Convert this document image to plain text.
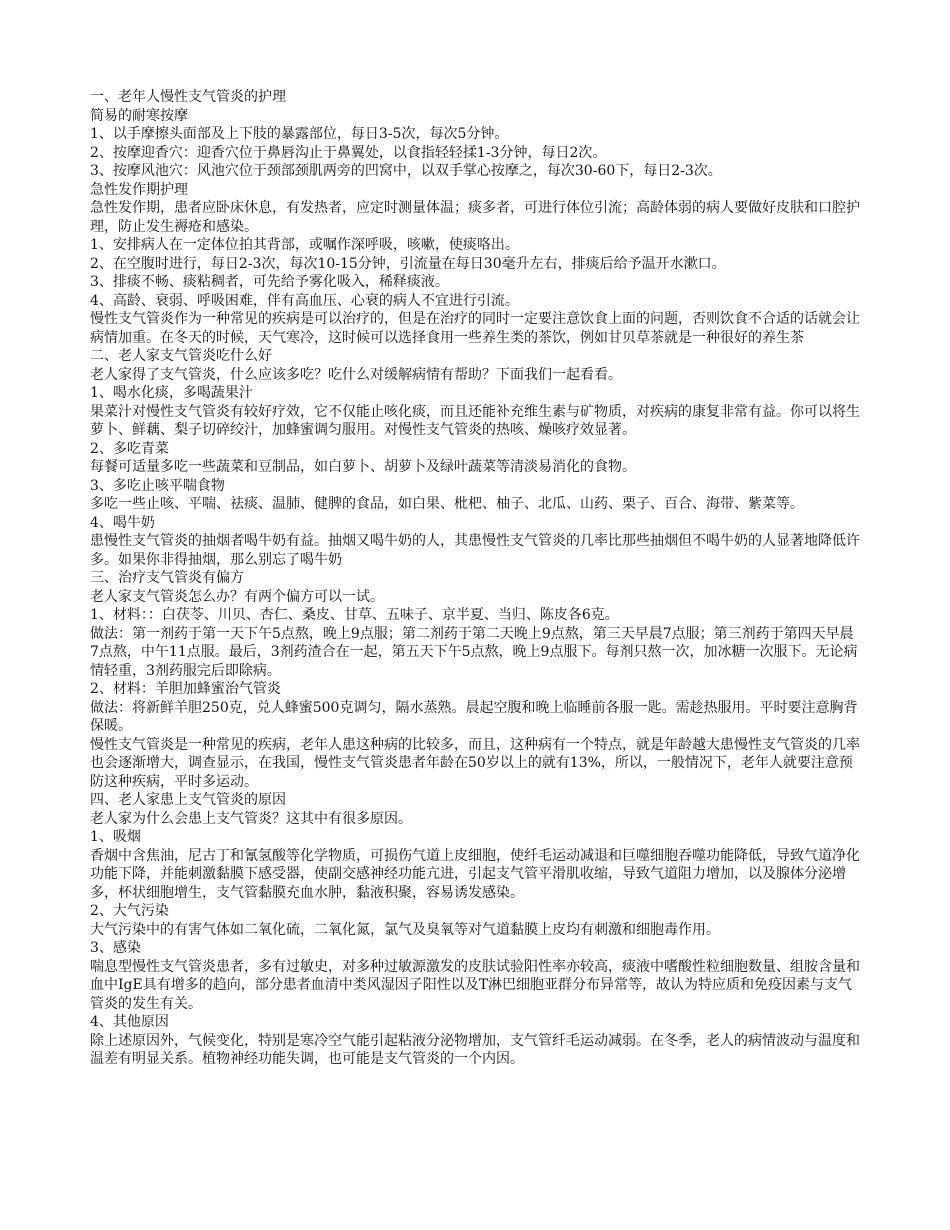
一、老年人慢性支气管炎的护理

简易的耐寒按摩

1、以手摩擦头面部及上下肢的暴露部位，每日3-5次，每次5分钟。

2、按摩迎香穴：迎香穴位于鼻唇沟止于鼻翼处，以食指轻轻揉1-3分钟，每日2次。

3、按摩风池穴：风池穴位于颈部颈肌两旁的凹窝中，以双手掌心按摩之，每次30-60下，每日2-3次。

急性发作期护理

急性发作期，患者应卧床休息，有发热者，应定时测量体温；痰多者，可进行体位引流；高龄体弱的病人要做好皮肤和口腔护理，防止发生褥疮和感染。

1、安排病人在一定体位拍其背部，或嘱作深呼吸，咳嗽，使痰咯出。

2、在空腹时进行，每日2-3次，每次10-15分钟，引流量在每日30毫升左右，排痰后给予温开水漱口。

3、排痰不畅、痰粘稠者，可先给予雾化吸入，稀释痰液。

4、高龄、衰弱、呼吸困难，伴有高血压、心衰的病人不宜进行引流。

慢性支气管炎作为一种常见的疾病是可以治疗的，但是在治疗的同时一定要注意饮食上面的问题，否则饮食不合适的话就会让病情加重。在冬天的时候，天气寒冷，这时候可以选择食用一些养生类的茶饮，例如甘贝草茶就是一种很好的养生茶

二、老人家支气管炎吃什么好

老人家得了支气管炎，什么应该多吃？吃什么对缓解病情有帮助？下面我们一起看看。

1、喝水化痰，多喝蔬果汁

果菜汁对慢性支气管炎有较好疗效，它不仅能止咳化痰，而且还能补充维生素与矿物质，对疾病的康复非常有益。你可以将生萝卜、鲜藕、梨子切碎绞汁，加蜂蜜调匀服用。对慢性支气管炎的热咳、燥咳疗效显著。

2、多吃青菜

每餐可适量多吃一些蔬菜和豆制品，如白萝卜、胡萝卜及绿叶蔬菜等清淡易消化的食物。

3、多吃止咳平喘食物

多吃一些止咳、平喘、祛痰、温肺、健脾的食品，如白果、枇杷、柚子、北瓜、山药、栗子、百合、海带、紫菜等。

4、喝牛奶

患慢性支气管炎的抽烟者喝牛奶有益。抽烟又喝牛奶的人，其患慢性支气管炎的几率比那些抽烟但不喝牛奶的人显著地降低许多。如果你非得抽烟，那么别忘了喝牛奶

三、治疗支气管炎有偏方

老人家支气管炎怎么办？有两个偏方可以一试。

1、材料：：白茯苓、川贝、杏仁、桑皮、甘草、五味子、京半夏、当归、陈皮各6克。

做法：第一剂药于第一天下午5点熬，晚上9点服；第二剂药于第二天晚上9点熬，第三天早晨7点服；第三剂药于第四天早晨7点熬，中午11点服。最后，3剂药渣合在一起，第五天下午5点熬，晚上9点服下。每剂只熬一次，加冰糖一次服下。无论病情轻重，3剂药服完后即除病。

2、材料：羊胆加蜂蜜治气管炎

做法：将新鲜羊胆250克，兑人蜂蜜500克调匀，隔水蒸熟。晨起空腹和晚上临睡前各服一匙。需趁热服用。平时要注意胸背保暖。

慢性支气管炎是一种常见的疾病，老年人患这种病的比较多，而且，这种病有一个特点，就是年龄越大患慢性支气管炎的几率也会逐渐增大，调查显示，在我国，慢性支气管炎患者年龄在50岁以上的就有13%，所以，一般情况下，老年人就要注意预防这种疾病，平时多运动。

四、老人家患上支气管炎的原因

老人家为什么会患上支气管炎？这其中有很多原因。

1、吸烟

香烟中含焦油，尼古丁和氰氢酸等化学物质，可损伤气道上皮细胞，使纤毛运动减退和巨噬细胞吞噬功能降低，导致气道净化功能下降，并能刺激黏膜下感受器，使副交感神经功能亢进，引起支气管平滑肌收缩，导致气道阻力增加，以及腺体分泌增多，杯状细胞增生，支气管黏膜充血水肿，黏液积聚，容易诱发感染。

2、大气污染

大气污染中的有害气体如二氧化硫，二氧化氮，氯气及臭氧等对气道黏膜上皮均有刺激和细胞毒作用。

3、感染

喘息型慢性支气管炎患者，多有过敏史，对多种过敏源激发的皮肤试验阳性率亦较高，痰液中嗜酸性粒细胞数量、组胺含量和血中IgE具有增多的趋向，部分患者血清中类风湿因子阳性以及T淋巴细胞亚群分布异常等，故认为特应质和免疫因素与支气管炎的发生有关。

4、其他原因

除上述原因外，气候变化，特别是寒冷空气能引起粘液分泌物增加，支气管纤毛运动减弱。在冬季，老人的病情波动与温度和温差有明显关系。植物神经功能失调，也可能是支气管炎的一个内因。
